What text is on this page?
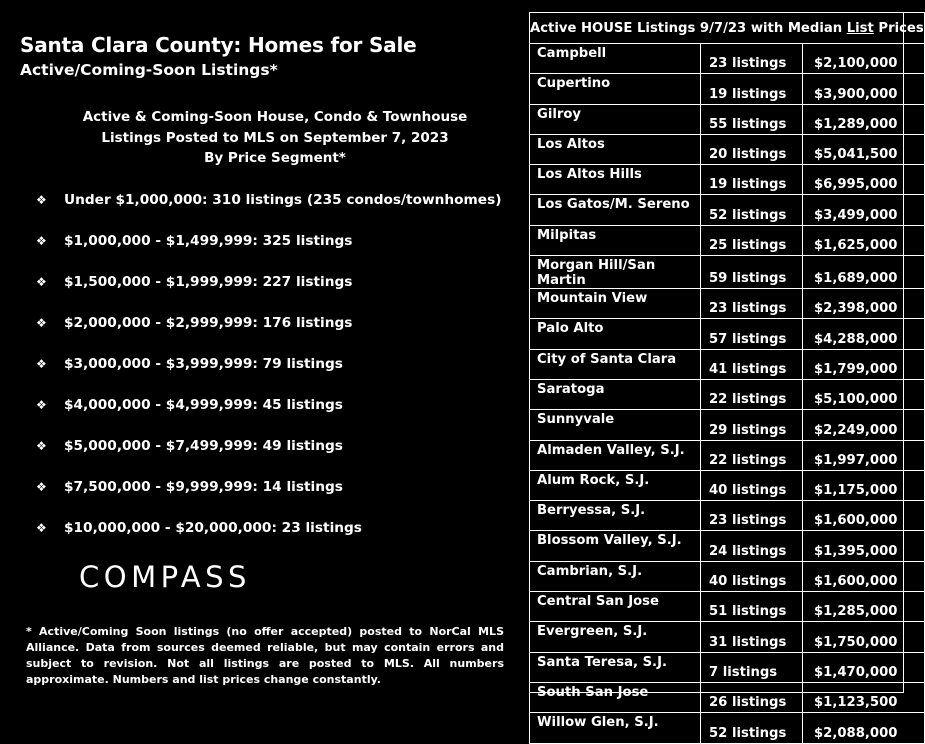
Santa Clara County: Homes for Sale
Active/Coming-Soon Listings*
Active & Coming-Soon House, Condo & Townhouse
Listings Posted to MLS on September 7, 2023
By Price Segment*
❖	Under $1,000,000: 310 listings (235 condos/townhomes)
❖	$1,000,000 - $1,499,999: 325 listings
❖	$1,500,000 - $1,999,999: 227 listings
❖	$2,000,000 - $2,999,999: 176 listings
❖	$3,000,000 - $3,999,999: 79 listings
❖	$4,000,000 - $4,999,999: 45 listings
❖	$5,000,000 - $7,499,999: 49 listings
❖	$7,500,000 - $9,999,999: 14 listings
❖	$10,000,000 - $20,000,000: 23 listings
COMPASS
* Active/Coming Soon listings (no offer accepted) posted to NorCal MLS Alliance. Data from sources deemed reliable, but may contain errors and subject to revision. Not all listings are posted to MLS. All numbers approximate. Numbers and list prices change constantly.
Active HOUSE Listings 9/7/23 with Median List Prices		
Campbell	23 listings	$2,100,000
Cupertino	19 listings	$3,900,000
Gilroy	55 listings	$1,289,000
Los Altos	20 listings	$5,041,500
Los Altos Hills	19 listings	$6,995,000
Los Gatos/M. Sereno	52 listings	$3,499,000
Milpitas	25 listings	$1,625,000
Morgan Hill/San Martin	59 listings	$1,689,000
Mountain View	23 listings	$2,398,000
Palo Alto	57 listings	$4,288,000
City of Santa Clara	41 listings	$1,799,000
Saratoga	22 listings	$5,100,000
Sunnyvale	29 listings	$2,249,000
Almaden Valley, S.J.	22 listings	$1,997,000
Alum Rock, S.J.	40 listings	$1,175,000
Berryessa, S.J.	23 listings	$1,600,000
Blossom Valley, S.J.	24 listings	$1,395,000
Cambrian, S.J.	40 listings	$1,600,000
Central San Jose	51 listings	$1,285,000
Evergreen, S.J.	31 listings	$1,750,000
Santa Teresa, S.J.	7 listings	$1,470,000
South San Jose	26 listings	$1,123,500
Willow Glen, S.J.	52 listings	$2,088,000
